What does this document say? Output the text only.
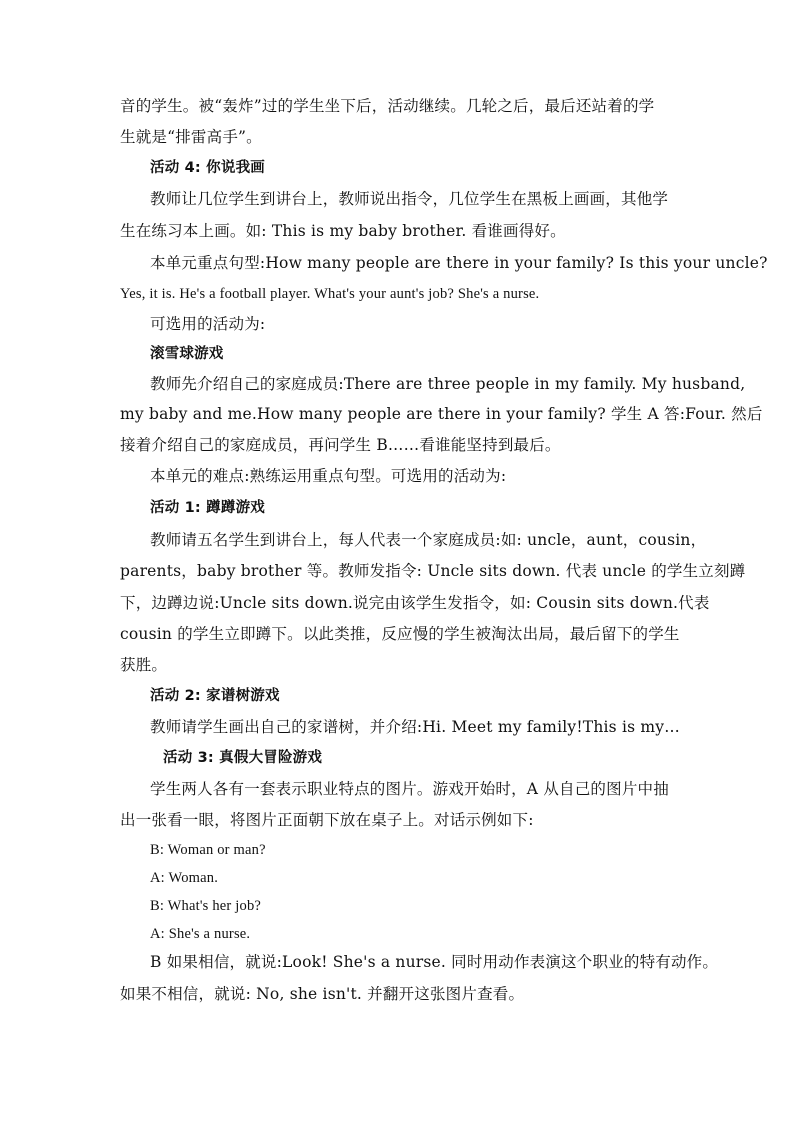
音的学生。被“轰炸”过的学生坐下后，活动继续。几轮之后，最后还站着的学
生就是“排雷高手”。
活动 4: 你说我画
教师让几位学生到讲台上，教师说出指令，几位学生在黑板上画画，其他学
生在练习本上画。如: This is my baby brother. 看谁画得好。
本单元重点句型:How many people are there in your family? Is this your uncle?
Yes, it is. He's a football player. What's your aunt's job? She's a nurse.
可选用的活动为:
滚雪球游戏
教师先介绍自己的家庭成员:There are three people in my family. My husband,
my baby and me.How many people are there in your family? 学生 A 答:Four. 然后
接着介绍自己的家庭成员，再问学生 B……看谁能坚持到最后。
本单元的难点:熟练运用重点句型。可选用的活动为:
活动 1: 蹲蹲游戏
教师请五名学生到讲台上，每人代表一个家庭成员:如: uncle，aunt，cousin，
parents，baby brother 等。教师发指令: Uncle sits down. 代表 uncle 的学生立刻蹲
下，边蹲边说:Uncle sits down.说完由该学生发指令，如: Cousin sits down.代表
cousin 的学生立即蹲下。以此类推，反应慢的学生被淘汰出局，最后留下的学生
获胜。
活动 2: 家谱树游戏
教师请学生画出自己的家谱树，并介绍:Hi. Meet my family!This is my…
活动 3: 真假大冒险游戏
学生两人各有一套表示职业特点的图片。游戏开始时，A 从自己的图片中抽
出一张看一眼，将图片正面朝下放在桌子上。对话示例如下:
B: Woman or man?
A: Woman.
B: What's her job?
A: She's a nurse.
B 如果相信，就说:Look! She's a nurse. 同时用动作表演这个职业的特有动作。
如果不相信，就说: No, she isn't. 并翻开这张图片查看。
